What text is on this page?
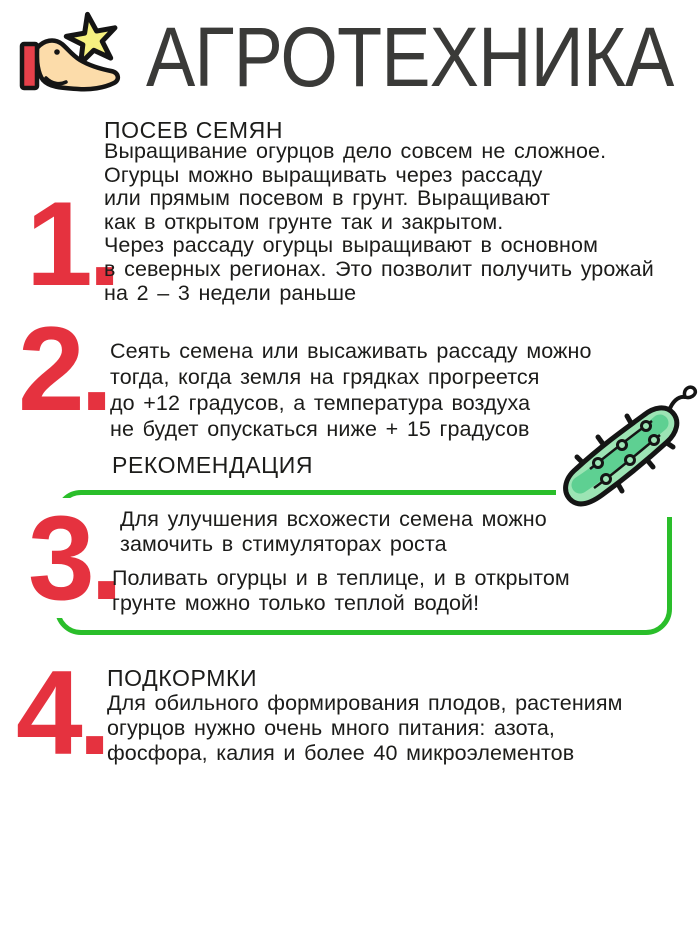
АГРОТЕХНИКА
1.
ПОСЕВ СЕМЯН
Выращивание огурцов дело совсем не сложное.
Огурцы можно выращивать через рассаду
или прямым посевом в грунт. Выращивают
как в открытом грунте так и закрытом.
Через рассаду огурцы выращивают в основном
в северных регионах. Это позволит получить урожай
на 2 – 3 недели раньше
2. Сеять семена или высаживать рассаду можно
тогда, когда земля на грядках прогреется
до +12 градусов, а температура воздуха
не будет опускаться ниже + 15 градусов
РЕКОМЕНДАЦИЯ
3. Для улучшения всхожести семена можно
замочить в стимуляторах роста
Поливать огурцы и в теплице, и в открытом
грунте можно только теплой водой!
4. ПОДКОРМКИ
Для обильного формирования плодов, растениям
огурцов нужно очень много питания: азота,
фосфора, калия и более 40 микроэлементов
